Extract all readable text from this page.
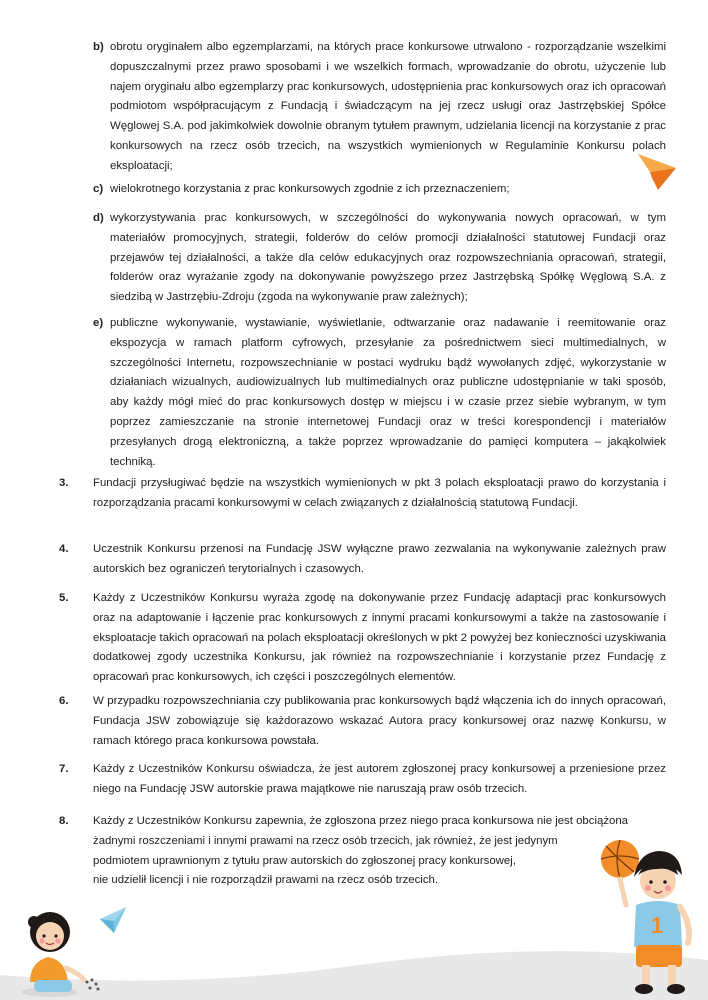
b) obrotu oryginałem albo egzemplarzami, na których prace konkursowe utrwalono - rozporządzanie wszelkimi dopuszczalnymi przez prawo sposobami i we wszelkich formach, wprowadzanie do obrotu, użyczenie lub najem oryginału albo egzemplarzy prac konkursowych, udostępnienia prac konkursowych oraz ich opracowań podmiotom współpracującym z Fundacją i świadczącym na jej rzecz usługi oraz Jastrzębskiej Spółce Węglowej S.A. pod jakimkolwiek dowolnie obranym tytułem prawnym, udzielania licencji na korzystanie z prac konkursowych na rzecz osób trzecich, na wszystkich wymienionych w Regulaminie Konkursu polach eksploatacji;
c) wielokrotnego korzystania z prac konkursowych zgodnie z ich przeznaczeniem;
d) wykorzystywania prac konkursowych, w szczególności do wykonywania nowych opracowań, w tym materiałów promocyjnych, strategii, folderów do celów promocji działalności statutowej Fundacji oraz przejawów tej działalności, a także dla celów edukacyjnych oraz rozpowszechniania opracowań, strategii, folderów oraz wyrażanie zgody na dokonywanie powyższego przez Jastrzębską Spółkę Węglową S.A. z siedzibą w Jastrzębiu-Zdroju (zgoda na wykonywanie praw zależnych);
e) publiczne wykonywanie, wystawianie, wyświetlanie, odtwarzanie oraz nadawanie i reemitowanie oraz ekspozycja w ramach platform cyfrowych, przesyłanie za pośrednictwem sieci multimedialnych, w szczególności Internetu, rozpowszechnianie w postaci wydruku bądź wywołanych zdjęć, wykorzystanie w działaniach wizualnych, audiowizualnych lub multimedialnych oraz publiczne udostępnianie w taki sposób, aby każdy mógł mieć do prac konkursowych dostęp w miejscu i w czasie przez siebie wybranym, w tym poprzez zamieszczanie na stronie internetowej Fundacji oraz w treści korespondencji i materiałów przesyłanych drogą elektroniczną, a także poprzez wprowadzanie do pamięci komputera – jakąkolwiek techniką.
3.	Fundacji przysługiwać będzie na wszystkich wymienionych w pkt 3 polach eksploatacji prawo do korzystania i rozporządzania pracami konkursowymi w celach związanych z działalnością statutową Fundacji.
4.	Uczestnik Konkursu przenosi na Fundację JSW wyłączne prawo zezwalania na wykonywanie zależnych praw autorskich bez ograniczeń terytorialnych i czasowych.
5.	Każdy z Uczestników Konkursu wyraża zgodę na dokonywanie przez Fundację adaptacji prac konkursowych oraz na adaptowanie i łączenie prac konkursowych z innymi pracami konkursowymi a także na zastosowanie i eksploatacje takich opracowań na polach eksploatacji określonych w pkt 2 powyżej bez konieczności uzyskiwania dodatkowej zgody uczestnika Konkursu, jak również na rozpowszechnianie i korzystanie przez Fundację z opracowań prac konkursowych, ich części i poszczególnych elementów.
6.	W przypadku rozpowszechniania czy publikowania prac konkursowych bądź włączenia ich do innych opracowań, Fundacja JSW zobowiązuje się każdorazowo wskazać Autora pracy konkursowej oraz nazwę Konkursu, w ramach którego praca konkursowa powstała.
7.	Każdy z Uczestników Konkursu oświadcza, że jest autorem zgłoszonej pracy konkursowej a przeniesione przez niego na Fundację JSW autorskie prawa majątkowe nie naruszają praw osób trzecich.
8.	Każdy z Uczestników Konkursu zapewnia, że zgłoszona przez niego praca konkursowa nie jest obciążona
żadnymi roszczeniami i innymi prawami na rzecz osób trzecich, jak również, że jest jedynym
podmiotem uprawnionym z tytułu praw autorskich do zgłoszonej pracy konkursowej,
nie udzielił licencji i nie rozporządził prawami na rzecz osób trzecich.
1
